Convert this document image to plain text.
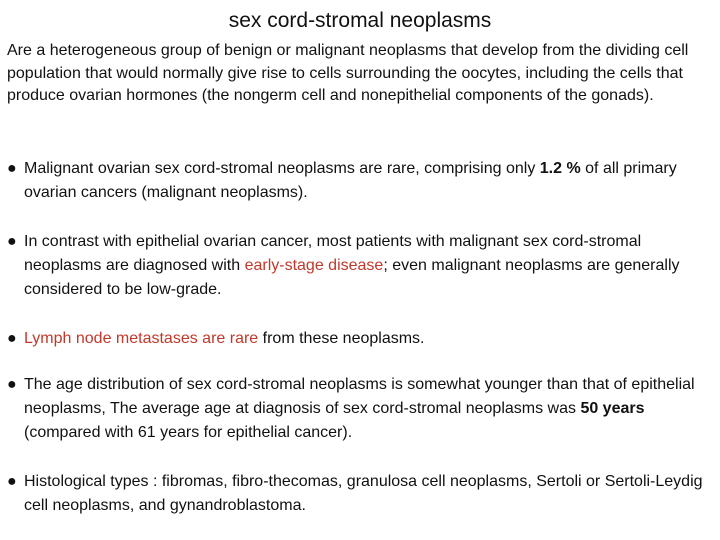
sex cord-stromal neoplasms
Are a heterogeneous group of benign or malignant neoplasms that develop from the dividing cell population that would normally give rise to cells surrounding the oocytes, including the cells that produce ovarian hormones (the nongerm cell and nonepithelial components of the gonads).
● Malignant ovarian sex cord-stromal neoplasms are rare, comprising only 1.2 % of all primary ovarian cancers (malignant neoplasms).
● In contrast with epithelial ovarian cancer, most patients with malignant sex cord-stromal neoplasms are diagnosed with early-stage disease; even malignant neoplasms are generally considered to be low-grade.
● Lymph node metastases are rare from these neoplasms.
● The age distribution of sex cord-stromal neoplasms is somewhat younger than that of epithelial neoplasms, The average age at diagnosis of sex cord-stromal neoplasms was 50 years (compared with 61 years for epithelial cancer).
● Histological types : fibromas, fibro-thecomas, granulosa cell neoplasms, Sertoli or Sertoli-Leydig cell neoplasms, and gynandroblastoma.
